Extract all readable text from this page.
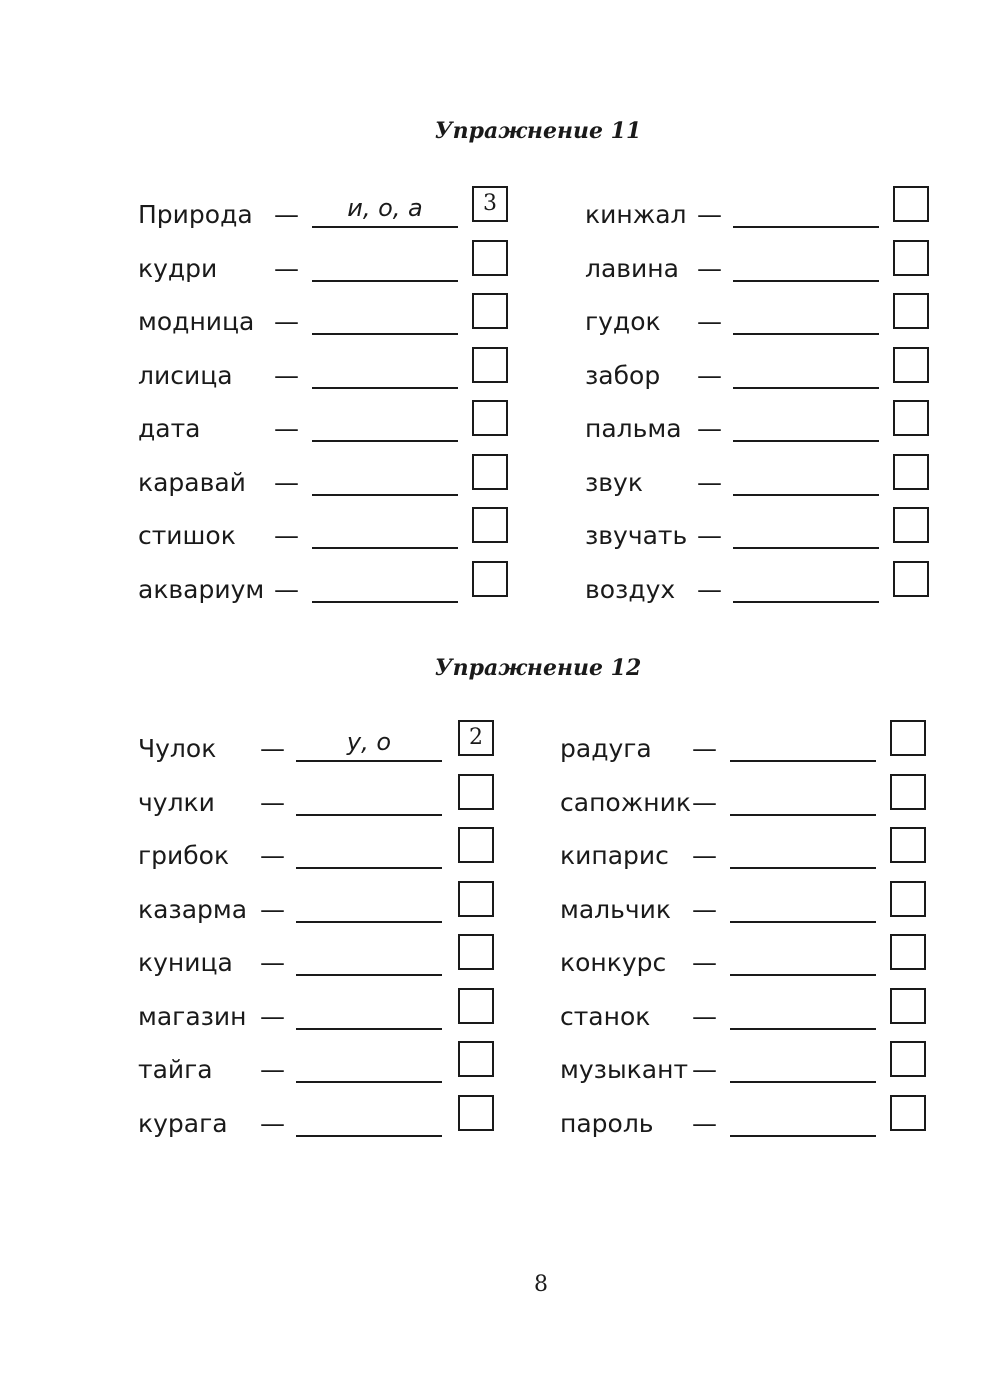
Упражнение 11
Природа —	и, о, а	3
кудри —
модница —
лисица —
дата	—
каравай —
стишок —
аквариум —
кинжал —
лавина —
гудок —
забор —
пальма —
звук —
звучать —
воздух —
Упражнение 12
Чулок —	у, о	2
чулки —
грибок —
казарма —
куница —
магазин —
тайга —
курага —
радуга —
сапожник —
кипарис —
мальчик —
конкурс —
станок —
музыкант —
пароль —
8
